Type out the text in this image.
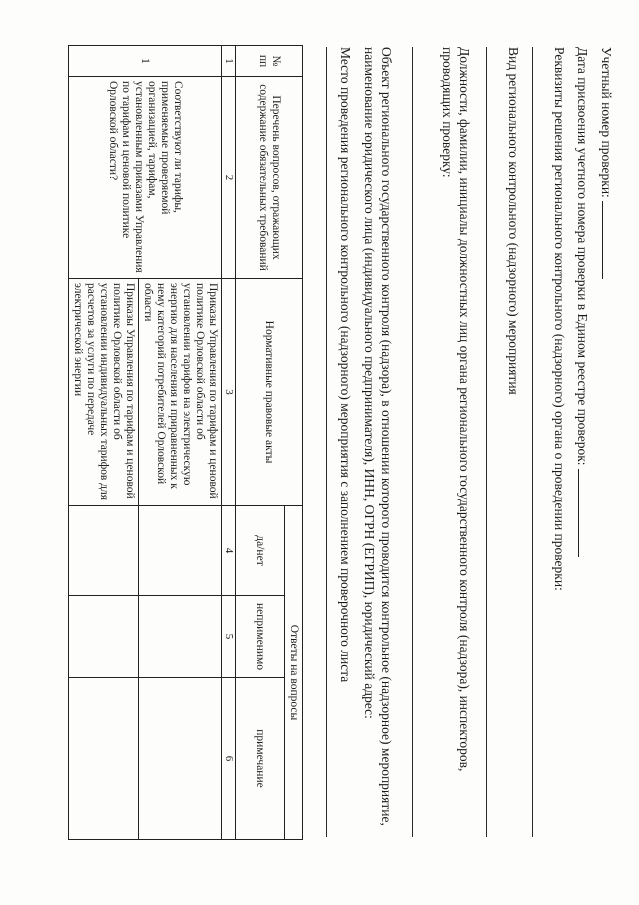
Учетный номер проверки:
Дата присвоения учетного номера проверки в Едином реестре проверок:
Реквизиты решения регионального контрольного (надзорного) органа о проведении проверки:
Вид регионального контрольного (надзорного) мероприятия
Должности, фамилии, инициалы должностных лиц органа регионального государственного контроля (надзора), инспекторов, проводящих проверку:
Объект регионального государственного контроля (надзора), в отношении которого проводится контрольное (надзорное) мероприятие, наименование юридического лица (индивидуального предпринимателя), ИНН, ОГРН (ЕГРИП), юридический адрес:
Место проведения регионального контрольного (надзорного) мероприятия с заполнением проверочного листа
№ пп	Перечень вопросов, отражающих содержание обязательных требований	Нормативные правовые акты	Ответы на вопросы		
			да/нет	неприменимо	примечание
1	2	3	4	5	6
1	Соответствуют ли тарифы, применяемые проверяемой организацией, тарифам, установленным приказами Управления по тарифам и ценовой политике Орловской области?	Приказы Управления по тарифам и ценовой политике Орловской области об установлении тарифов на электрическую энергию для населения и приравненных к нему категорий потребителей Орловской области			
		Приказы Управления по тарифам и ценовой политике Орловской области об установлении индивидуальных тарифов для расчетов за услуги по передаче электрической энергии			
